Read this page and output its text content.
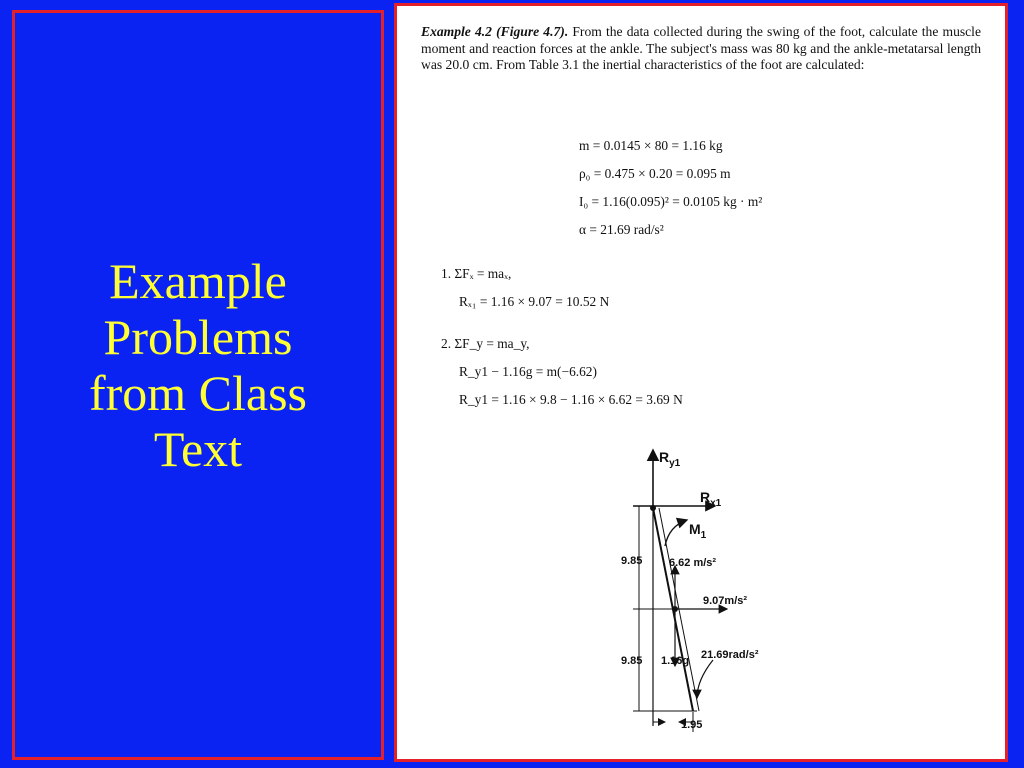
Example
Problems
from Class
Text

Example 4.2 (Figure 4.7). From the data collected during the swing of the foot, calculate the muscle moment and reaction forces at the ankle. The subject's mass was 80 kg and the ankle-metatarsal length was 20.0 cm. From Table 3.1 the inertial characteristics of the foot are calculated:

m = 0.0145 × 80 = 1.16 kg
ρ₀ = 0.475 × 0.20 = 0.095 m
I₀ = 1.16(0.095)² = 0.0105 kg · m²
α = 21.69 rad/s²
1. ΣFₓ = maₓ,
Rₓ₁ = 1.16 × 9.07 = 10.52 N
2. ΣF_y = ma_y,
R_y1 − 1.16g = m(−6.62)
R_y1 = 1.16 × 9.8 − 1.16 × 6.62 = 3.69 N
$R_{y1}$
$R_{x1}$
$M_1$
9.85
9.85
6.62 m/s²
9.07m/s²
1.16g 21.69rad/s²
1.95
